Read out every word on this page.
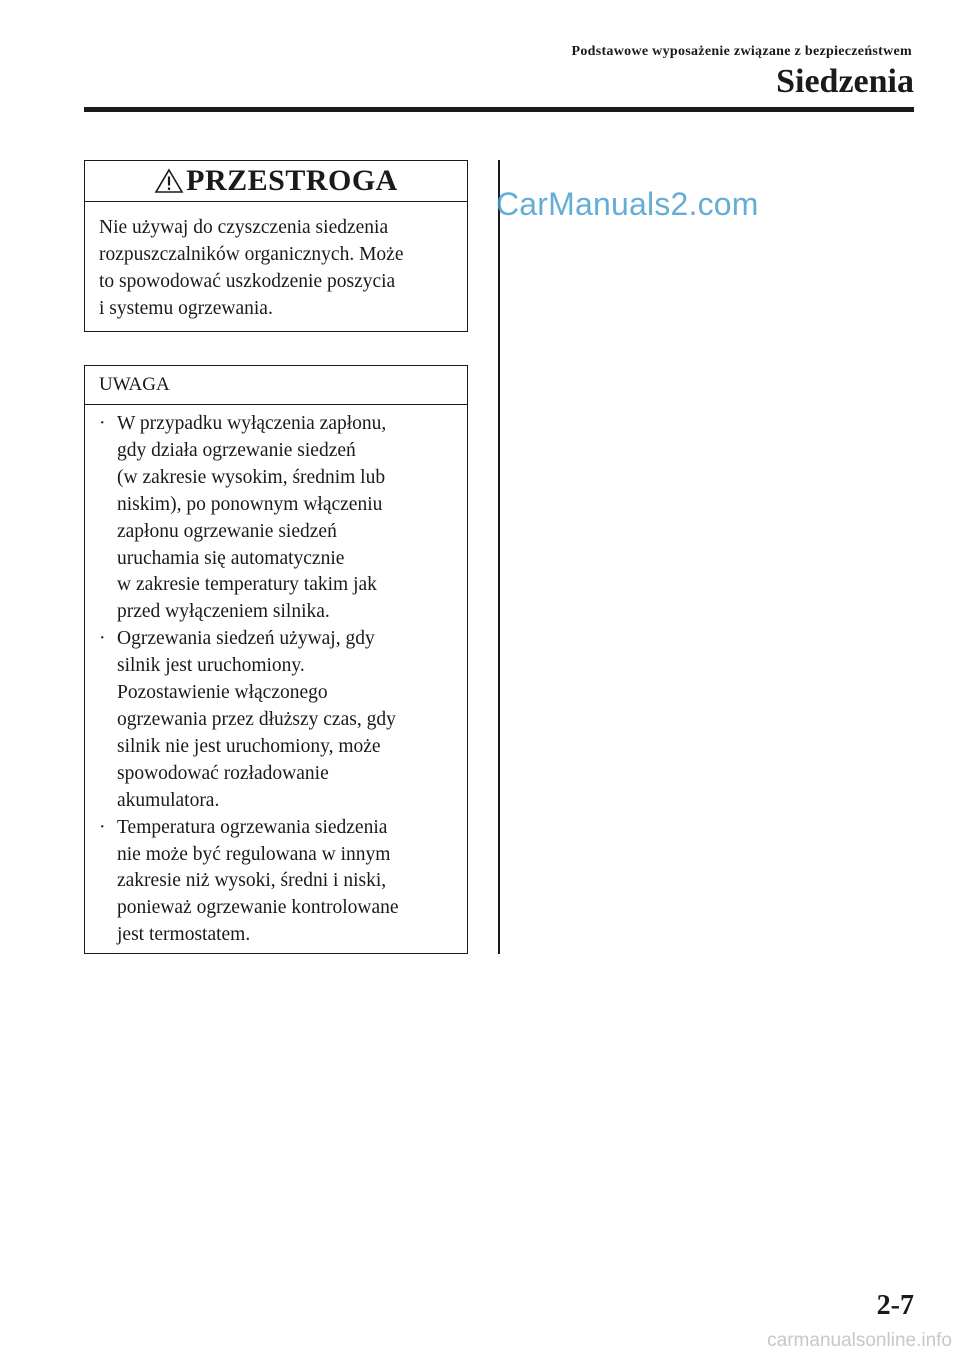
Podstawowe wyposażenie związane z bezpieczeństwem
Siedzenia
PRZESTROGA
Nie używaj do czyszczenia siedzenia
rozpuszczalników organicznych. Może
to spowodować uszkodzenie poszycia
i systemu ogrzewania.
UWAGA
· W przypadku wyłączenia zapłonu,
gdy działa ogrzewanie siedzeń
(w zakresie wysokim, średnim lub
niskim), po ponownym włączeniu
zapłonu ogrzewanie siedzeń
uruchamia się automatycznie
w zakresie temperatury takim jak
przed wyłączeniem silnika.
· Ogrzewania siedzeń używaj, gdy
silnik jest uruchomiony.
Pozostawienie włączonego
ogrzewania przez dłuższy czas, gdy
silnik nie jest uruchomiony, może
spowodować rozładowanie
akumulatora.
· Temperatura ogrzewania siedzenia
nie może być regulowana w innym
zakresie niż wysoki, średni i niski,
ponieważ ogrzewanie kontrolowane
jest termostatem.
CarManuals2.com
2-7
carmanualsonline.info
